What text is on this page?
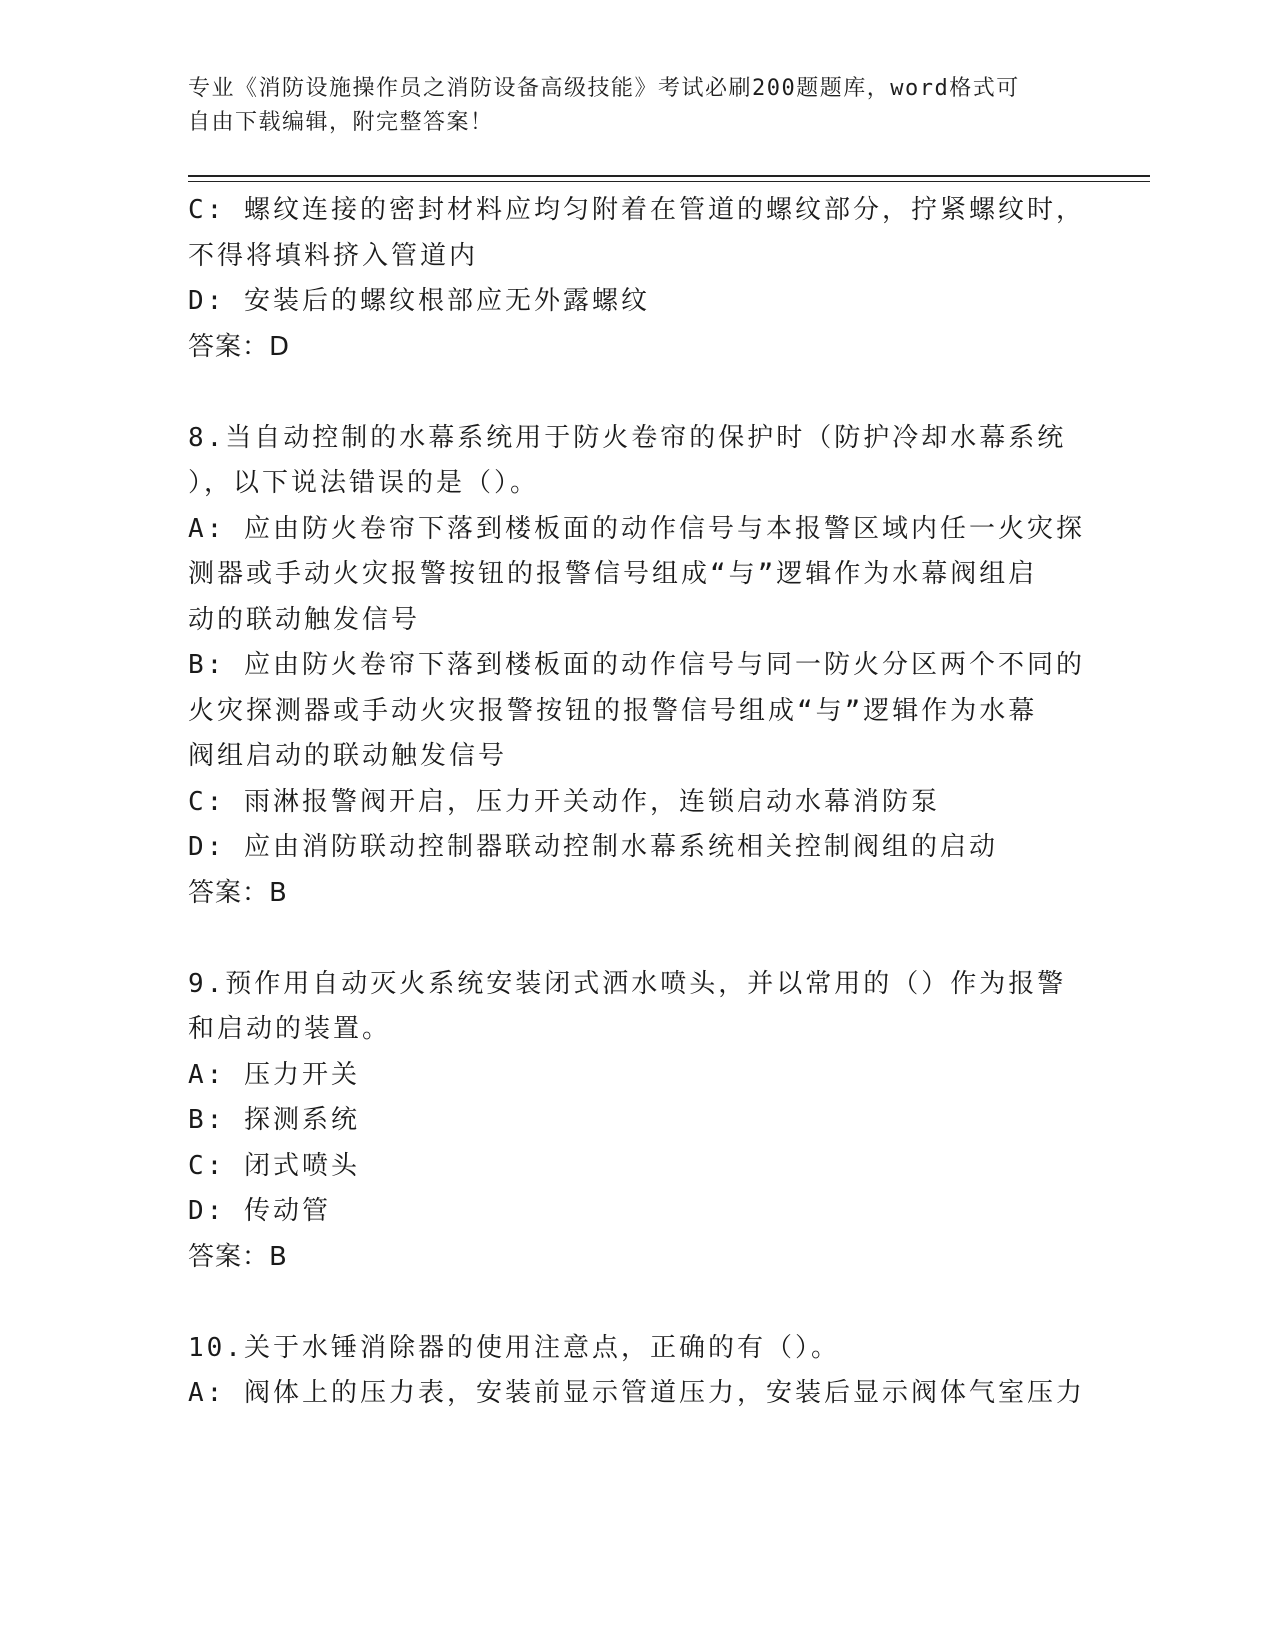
专业《消防设施操作员之消防设备高级技能》考试必刷200题题库，word格式可
自由下载编辑，附完整答案！
C: 螺纹连接的密封材料应均匀附着在管道的螺纹部分，拧紧螺纹时，
不得将填料挤入管道内
D: 安装后的螺纹根部应无外露螺纹
答案：D
8.当自动控制的水幕系统用于防火卷帘的保护时（防护冷却水幕系统
），以下说法错误的是（）。
A: 应由防火卷帘下落到楼板面的动作信号与本报警区域内任一火灾探
测器或手动火灾报警按钮的报警信号组成“与”逻辑作为水幕阀组启
动的联动触发信号
B: 应由防火卷帘下落到楼板面的动作信号与同一防火分区两个不同的
火灾探测器或手动火灾报警按钮的报警信号组成“与”逻辑作为水幕
阀组启动的联动触发信号
C: 雨淋报警阀开启，压力开关动作，连锁启动水幕消防泵
D: 应由消防联动控制器联动控制水幕系统相关控制阀组的启动
答案：B
9.预作用自动灭火系统安装闭式洒水喷头，并以常用的（）作为报警
和启动的装置。
A: 压力开关
B: 探测系统
C: 闭式喷头
D: 传动管
答案：B
10.关于水锤消除器的使用注意点，正确的有（）。
A: 阀体上的压力表，安装前显示管道压力，安装后显示阀体气室压力
